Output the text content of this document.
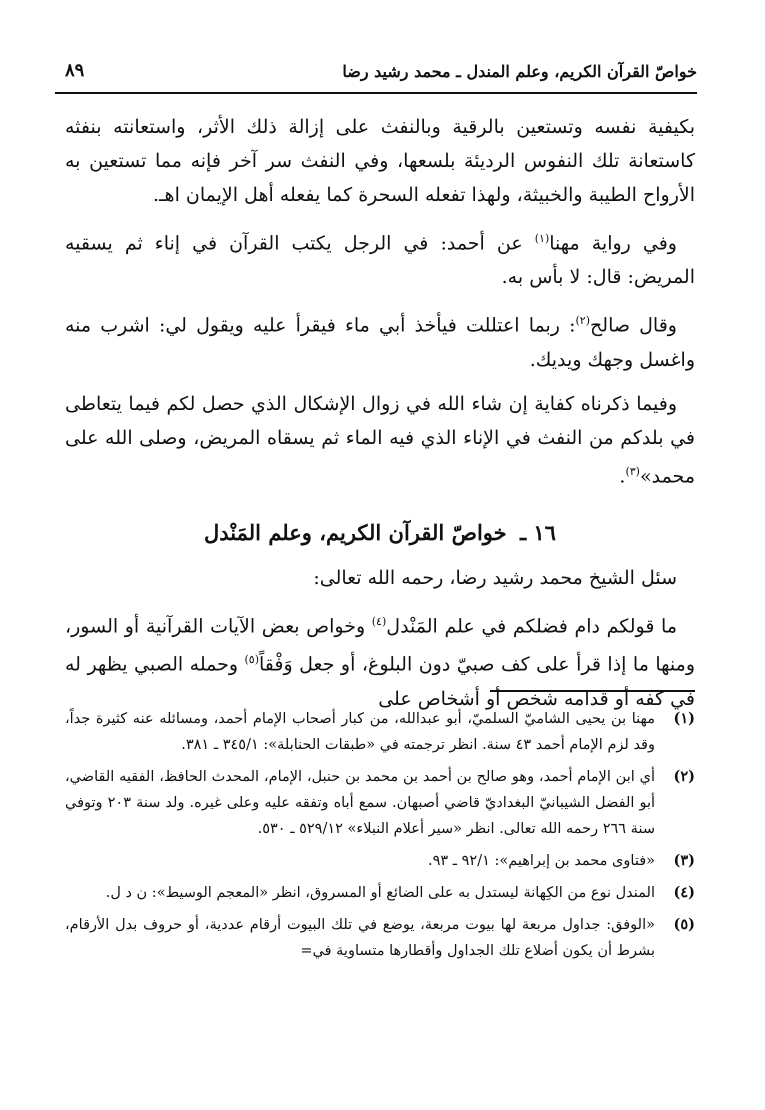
خواصّ القرآن الكريم، وعلم المندل ـ محمد رشيد رضا
٨٩

بكيفية نفسه وتستعين بالرقية وبالنفث على إزالة ذلك الأثر، واستعانته بنفثه كاستعانة تلك النفوس الرديئة بلسعها، وفي النفث سر آخر فإنه مما تستعين به الأرواح الطيبة والخبيثة، ولهذا تفعله السحرة كما يفعله أهل الإيمان اهـ.

وفي رواية مهنا$^{(١)}$ عن أحمد: في الرجل يكتب القرآن في إناء ثم يسقيه المريض: قال: لا بأس به.

وقال صالح$^{(٢)}$: ربما اعتللت فيأخذ أبي ماء فيقرأ عليه ويقول لي: اشرب منه واغسل وجهك ويديك.

وفيما ذكرناه كفاية إن شاء الله في زوال الإشكال الذي حصل لكم فيما يتعاطى في بلدكم من النفث في الإناء الذي فيه الماء ثم يسقاه المريض، وصلى الله على محمد»$^{(٣)}$.

١٦ ـ خواصّ القرآن الكريم، وعلم المَنْدل

سئل الشيخ محمد رشيد رضا، رحمه الله تعالى:

ما قولكم دام فضلكم في علم المَنْدل$^{(٤)}$ وخواص بعض الآيات القرآنية أو السور، ومنها ما إذا قرأ على كف صبيّ دون البلوغ، أو جعل وَفْقاً$^{(٥)}$ وحمله الصبي يظهر له في كفه أو قدامه شخص أو أشخاص على

(١)
مهنا بن يحيى الشاميّ السلميّ، أبو عبدالله، من كبار أصحاب الإمام أحمد، ومسائله عنه كثيرة جداً، وقد لزم الإمام أحمد ٤٣ سنة. انظر ترجمته في «طبقات الحنابلة»: ٣٤٥/١ ـ ٣٨١.
(٢)
أي ابن الإمام أحمد، وهو صالح بن أحمد بن محمد بن حنبل، الإمام، المحدث الحافظ، الفقيه القاضي، أبو الفضل الشيبانيّ البغداديّ قاضي أصبهان. سمع أباه وتفقه عليه وعلى غيره. ولد سنة ٢٠٣ وتوفي سنة ٢٦٦ رحمه الله تعالى. انظر «سير أعلام النبلاء» ٥٢٩/١٢ ـ ٥٣٠.
(٣)
«فتاوى محمد بن إبراهيم»: ٩٢/١ ـ ٩٣.
(٤)
المندل نوع من الكِهانة ليستدل به على الضائع أو المسروق، انظر «المعجم الوسيط»: ن د ل.
(٥)
«الوفق: جداول مربعة لها بيوت مربعة، يوضع في تلك البيوت أرقام عددية، أو حروف بدل الأرقام، بشرط أن يكون أضلاع تلك الجداول وأقطارها متساوية في=
